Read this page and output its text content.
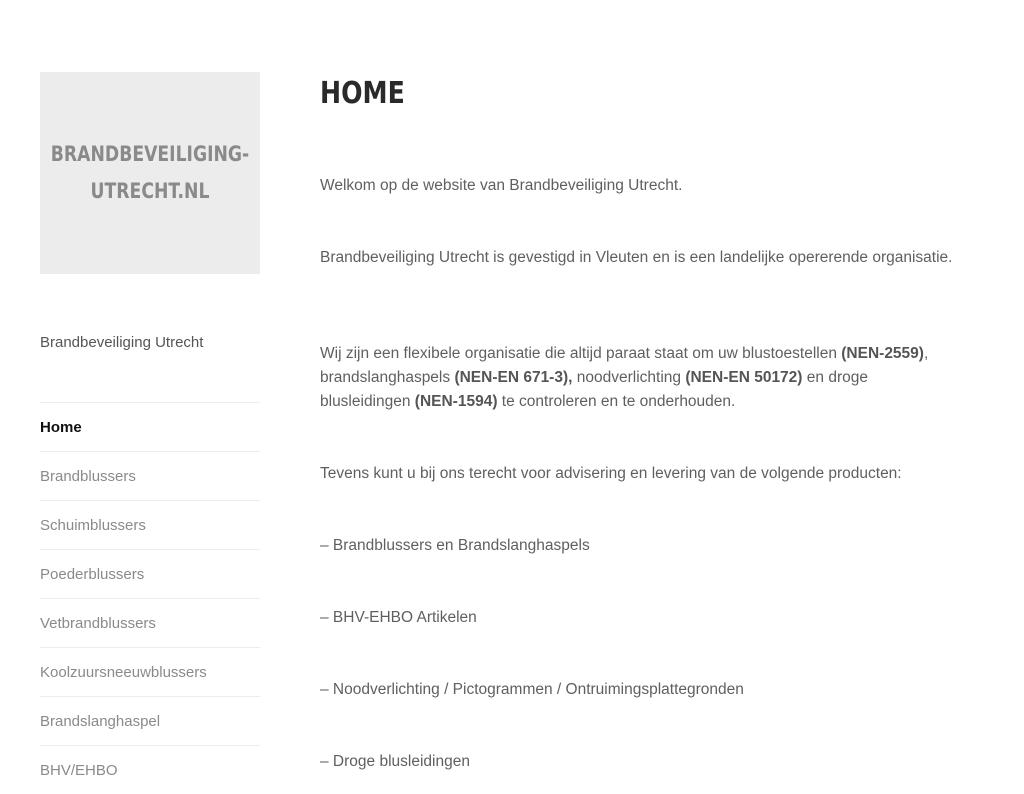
BRANDBEVEILIGING-
UTRECHT.NL
Brandbeveiliging Utrecht
Home
Brandblussers
Schuimblussers
Poederblussers
Vetbrandblussers
Koolzuursneeuwblussers
Brandslanghaspel
BHV/EHBO
HOME

Welkom op de website van Brandbeveiliging Utrecht.

Brandbeveiliging Utrecht is gevestigd in Vleuten en is een landelijke opererende organisatie.

Wij zijn een flexibele organisatie die altijd paraat staat om uw blustoestellen (NEN-2559), brandslanghaspels (NEN-EN 671-3), noodverlichting (NEN-EN 50172) en droge blusleidingen (NEN-1594) te controleren en te onderhouden.

Tevens kunt u bij ons terecht voor advisering en levering van de volgende producten:

– Brandblussers en Brandslanghaspels

– BHV-EHBO Artikelen

– Noodverlichting / Pictogrammen / Ontruimingsplattegronden

– Droge blusleidingen
